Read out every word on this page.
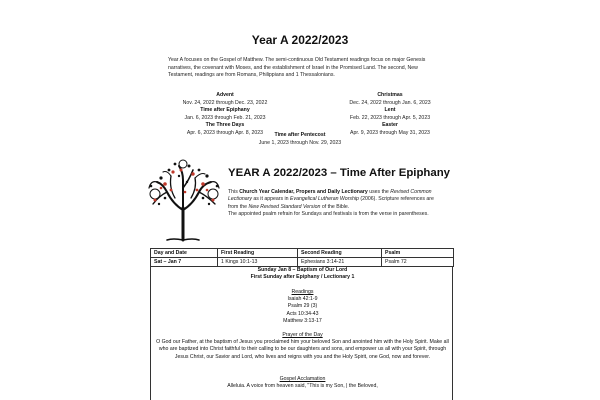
Year A 2022/2023
Year A focuses on the Gospel of Matthew. The semi-continuous Old Testament readings focus on major Genesis narratives, the covenant with Moses, and the establishment of Israel in the Promised Land. The second, New Testament, readings are from Romans, Philippians and 1 Thessalonians.
Advent
Nov. 24, 2022 through Dec. 23, 2022
Christmas
Dec. 24, 2022 through Jan. 6, 2023
Time after Epiphany
Jan. 6, 2023 through Feb. 21, 2023
Lent
Feb. 22, 2023 through Apr. 5, 2023
The Three Days
Apr. 6, 2023 through Apr. 8, 2023
Easter
Apr. 9, 2023 through May 31, 2023
Time after Pentecost
June 1, 2023 through Nov. 29, 2023
YEAR A 2022/2023 – Time After Epiphany

This Church Year Calendar, Propers and Daily Lectionary uses the Revised Common Lectionary as it appears in Evangelical Lutheran Worship (2006). Scripture references are from the New Revised Standard Version of the Bible.

The appointed psalm refrain for Sundays and festivals is from the verse in parentheses.

Day and Date	First Reading	Second Reading	Psalm
Sat – Jan 7	1 Kings 10:1-13	Ephesians 3:14-21	Psalm 72
Sunday Jan 8 – Baptism of Our Lord
First Sunday after Epiphany / Lectionary 1
Readings
Isaiah 42:1-9
Psalm 29 (3)
Acts 10:34-43
Matthew 3:13-17
Prayer of the Day
O God our Father, at the baptism of Jesus you proclaimed him your beloved Son and anointed him with the Holy Spirit. Make all who are baptized into Christ faithful to their calling to be our daughters and sons, and empower us all with your Spirit, through Jesus Christ, our Savior and Lord, who lives and reigns with you and the Holy Spirit, one God, now and forever.
Gospel Acclamation
Alleluia. A voice from heaven said, "This is my Son, | the Beloved,
